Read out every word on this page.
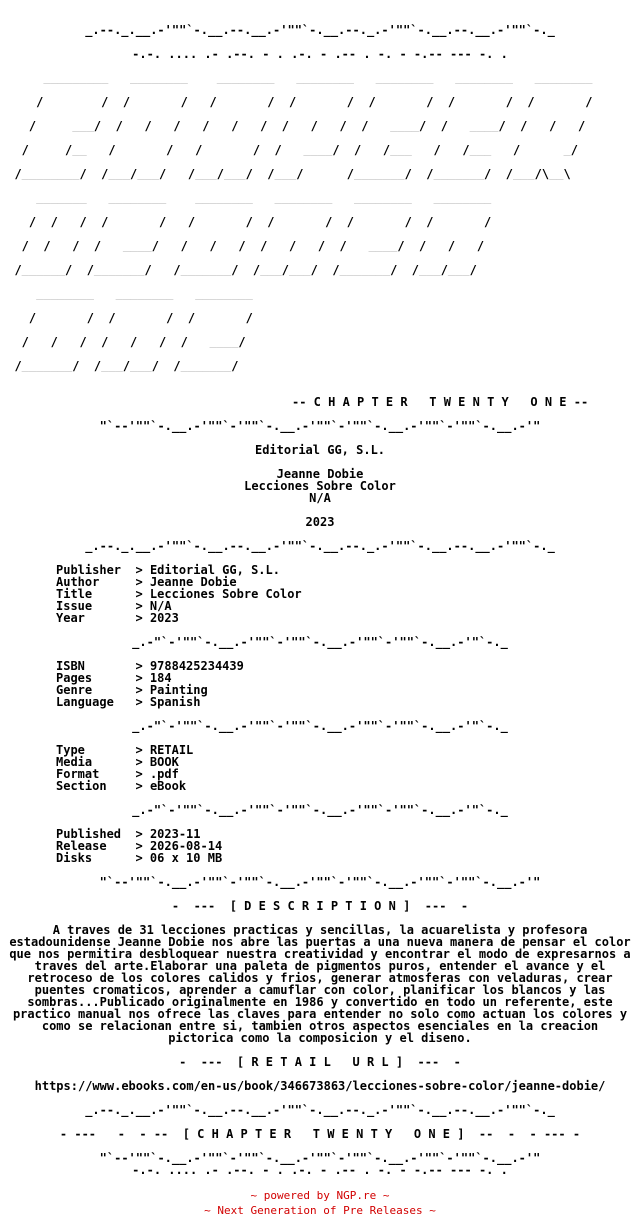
_.--._.__.-'""`-.__.--.__.-'""`-.__.--._.-'""`-.__.--.__.-'""`-._
-.-. .... .- .--. - . .-. - .-- . -. - -.-- --- -. .

_________   ________    ________   ________   ________   ________   ________

/        /  /       /   /       /  /       /  /       /  /       /  /       /

/     ___/  /   /   /   /   /   /  /   /   /  /   ____/  /   ____/  /   /   /

/     /__   /       /   /       /  /   ____/  /   /___   /   /___   /      _/

/________/  /___/___/   /___/___/  /___/      /_______/  /_______/  /___/\__\

_______   ________    ________   ________   ________   ________

/  /   /  /       /   /       /  /       /  /       /  /       /

/  /   /  /   ____/   /   /   /  /   /   /  /   ____/  /   /   /

/______/  /_______/   /_______/  /___/___/  /_______/  /___/___/

________   ________   ________

/       /  /       /  /       /

/   /   /  /   /   /  /   ____/

/_______/  /___/___/  /_______/

-- C H A P T E R   T W E N T Y   O N E --
"`--'""`-.__.-'""`-'""`-.__.-'""`-'""`-.__.-'""`-'""`-.__.-'"
Editorial GG, S.L.
Jeanne Dobie
Lecciones Sobre Color
N/A
2023
_.--._.__.-'""`-.__.--.__.-'""`-.__.--._.-'""`-.__.--.__.-'""`-._
Publisher  > Editorial GG, S.L.
Author     > Jeanne Dobie
Title      > Lecciones Sobre Color
Issue      > N/A
Year       > 2023
_.-"`-'""`-.__.-'""`-'""`-.__.-'""`-'""`-.__.-'"`-._
ISBN       > 9788425234439
Pages      > 184
Genre      > Painting
Language   > Spanish
_.-"`-'""`-.__.-'""`-'""`-.__.-'""`-'""`-.__.-'"`-._
Type       > RETAIL
Media      > BOOK
Format     > .pdf
Section    > eBook
_.-"`-'""`-.__.-'""`-'""`-.__.-'""`-'""`-.__.-'"`-._
Published  > 2023-11
Release    > 2026-08-14
Disks      > 06 x 10 MB
"`--'""`-.__.-'""`-'""`-.__.-'""`-'""`-.__.-'""`-'""`-.__.-'"
-  ---  [ D E S C R I P T I O N ]  ---  -
A traves de 31 lecciones practicas y sencillas, la acuarelista y profesora estadounidense Jeanne Dobie nos abre las puertas a una nueva manera de pensar el color que nos permitira desbloquear nuestra creatividad y encontrar el modo de expresarnos a traves del arte.Elaborar una paleta de pigmentos puros, entender el avance y el retroceso de los colores calidos y frios, generar atmosferas con veladuras, crear puentes cromaticos, aprender a camuflar con color, planificar los blancos y las sombras...Publicado originalmente en 1986 y convertido en todo un referente, este practico manual nos ofrece las claves para entender no solo como actuan los colores y como se relacionan entre si, tambien otros aspectos esenciales en la creacion pictorica como la composicion y el diseno.
-  ---  [ R E T A I L   U R L ]  ---  -
https://www.ebooks.com/en-us/book/346673863/lecciones-sobre-color/jeanne-dobie/
_.--._.__.-'""`-.__.--.__.-'""`-.__.--._.-'""`-.__.--.__.-'""`-._
- ---   -  - --  [ C H A P T E R   T W E N T Y   O N E ]  --  -  - --- -
"`--'""`-.__.-'""`-'""`-.__.-'""`-'""`-.__.-'""`-'""`-.__.-'"
-.-. .... .- .--. - . .-. - .-- . -. - -.-- --- -. .
~ powered by NGP.re ~
~ Next Generation of Pre Releases ~
